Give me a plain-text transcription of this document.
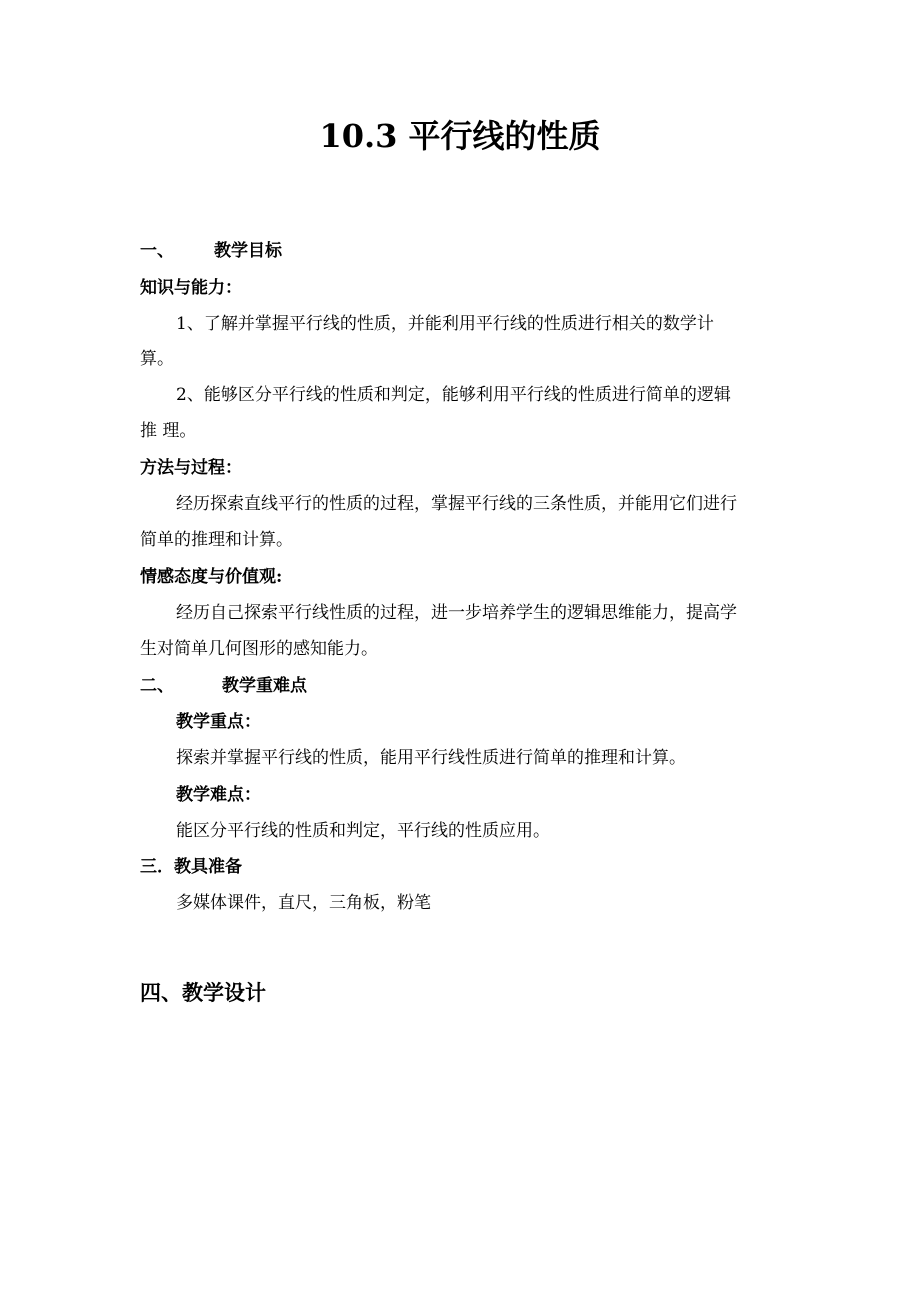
10.3 平行线的性质
一、 教学目标
知识与能力：
1、了解并掌握平行线的性质，并能利用平行线的性质进行相关的数学计
算。
2、能够区分平行线的性质和判定，能够利用平行线的性质进行简单的逻辑
推 理。
方法与过程：
经历探索直线平行的性质的过程，掌握平行线的三条性质，并能用它们进行
简单的推理和计算。
情感态度与价值观:
经历自己探索平行线性质的过程，进一步培养学生的逻辑思维能力，提高学
生对简单几何图形的感知能力。
二、	教学重难点
教学重点：
探索并掌握平行线的性质，能用平行线性质进行简单的推理和计算。
教学难点：
能区分平行线的性质和判定，平行线的性质应用。
三．教具准备
多媒体课件，直尺，三角板，粉笔
四、教学设计
